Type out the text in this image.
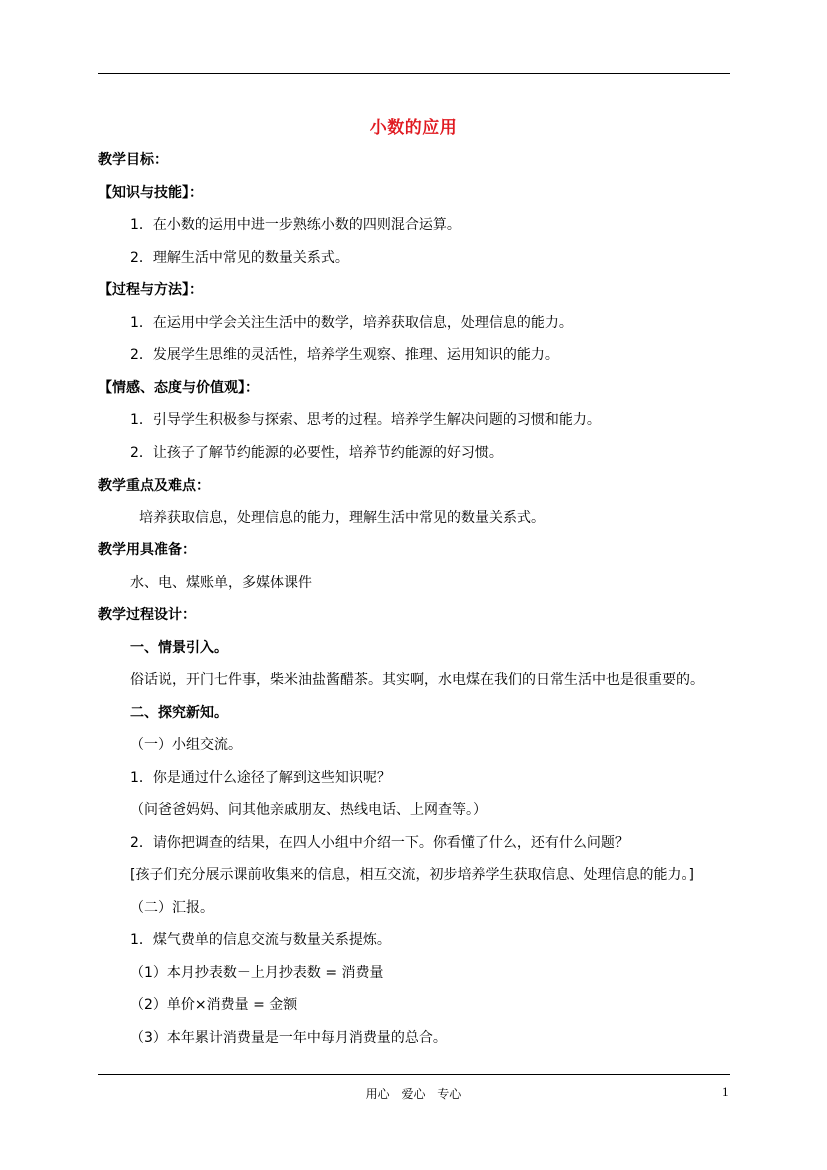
小数的应用
教学目标：
【知识与技能】：
1．在小数的运用中进一步熟练小数的四则混合运算。
2．理解生活中常见的数量关系式。
【过程与方法】：
1．在运用中学会关注生活中的数学，培养获取信息，处理信息的能力。
2．发展学生思维的灵活性，培养学生观察、推理、运用知识的能力。
【情感、态度与价值观】：
1．引导学生积极参与探索、思考的过程。培养学生解决问题的习惯和能力。
2．让孩子了解节约能源的必要性，培养节约能源的好习惯。
教学重点及难点：
培养获取信息，处理信息的能力，理解生活中常见的数量关系式。
教学用具准备：
水、电、煤账单，多媒体课件
教学过程设计：
一、情景引入。
俗话说，开门七件事，柴米油盐酱醋茶。其实啊，水电煤在我们的日常生活中也是很重要的。
二、探究新知。
（一）小组交流。
1．你是通过什么途径了解到这些知识呢？
（问爸爸妈妈、问其他亲戚朋友、热线电话、上网查等。）
2．请你把调查的结果，在四人小组中介绍一下。你看懂了什么，还有什么问题？
[孩子们充分展示课前收集来的信息，相互交流，初步培养学生获取信息、处理信息的能力。]
（二）汇报。
1．煤气费单的信息交流与数量关系提炼。
（1）本月抄表数－上月抄表数 = 消费量
（2）单价×消费量 = 金额
（3）本年累计消费量是一年中每月消费量的总合。
用心 爱心 专心	1
